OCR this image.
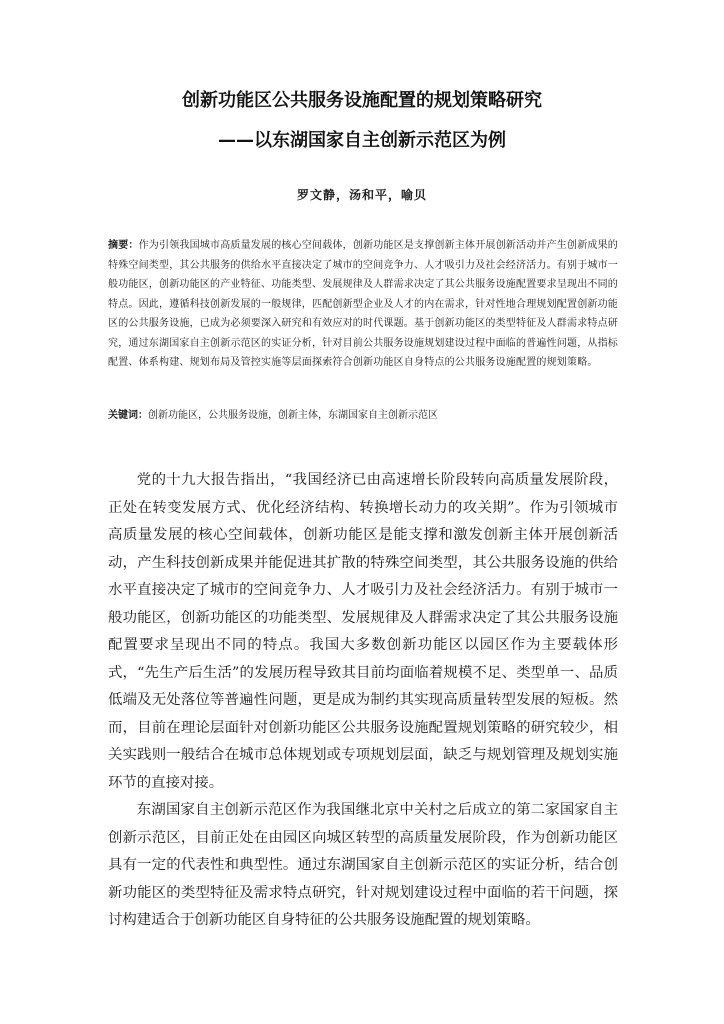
创新功能区公共服务设施配置的规划策略研究
——以东湖国家自主创新示范区为例
罗文静，汤和平，喻贝
摘要：作为引领我国城市高质量发展的核心空间载体，创新功能区是支撑创新主体开展创新活动并产生创新成果的特殊空间类型，其公共服务的供给水平直接决定了城市的空间竞争力、人才吸引力及社会经济活力。有别于城市一般功能区，创新功能区的产业特征、功能类型、发展规律及人群需求决定了其公共服务设施配置要求呈现出不同的特点。因此，遵循科技创新发展的一般规律，匹配创新型企业及人才的内在需求，针对性地合理规划配置创新功能区的公共服务设施，已成为必须要深入研究和有效应对的时代课题。基于创新功能区的类型特征及人群需求特点研究，通过东湖国家自主创新示范区的实证分析，针对目前公共服务设施规划建设过程中面临的普遍性问题，从指标配置、体系构建、规划布局及管控实施等层面探索符合创新功能区自身特点的公共服务设施配置的规划策略。
关键词：创新功能区，公共服务设施，创新主体，东湖国家自主创新示范区

党的十九大报告指出，“我国经济已由高速增长阶段转向高质量发展阶段，正处在转变发展方式、优化经济结构、转换增长动力的攻关期”。作为引领城市高质量发展的核心空间载体，创新功能区是能支撑和激发创新主体开展创新活动，产生科技创新成果并能促进其扩散的特殊空间类型，其公共服务设施的供给水平直接决定了城市的空间竞争力、人才吸引力及社会经济活力。有别于城市一般功能区，创新功能区的功能类型、发展规律及人群需求决定了其公共服务设施配置要求呈现出不同的特点。我国大多数创新功能区以园区作为主要载体形式，“先生产后生活”的发展历程导致其目前均面临着规模不足、类型单一、品质低端及无处落位等普遍性问题，更是成为制约其实现高质量转型发展的短板。然而，目前在理论层面针对创新功能区公共服务设施配置规划策略的研究较少，相关实践则一般结合在城市总体规划或专项规划层面，缺乏与规划管理及规划实施环节的直接对接。

东湖国家自主创新示范区作为我国继北京中关村之后成立的第二家国家自主创新示范区，目前正处在由园区向城区转型的高质量发展阶段，作为创新功能区具有一定的代表性和典型性。通过东湖国家自主创新示范区的实证分析，结合创新功能区的类型特征及需求特点研究，针对规划建设过程中面临的若干问题，探讨构建适合于创新功能区自身特征的公共服务设施配置的规划策略。
